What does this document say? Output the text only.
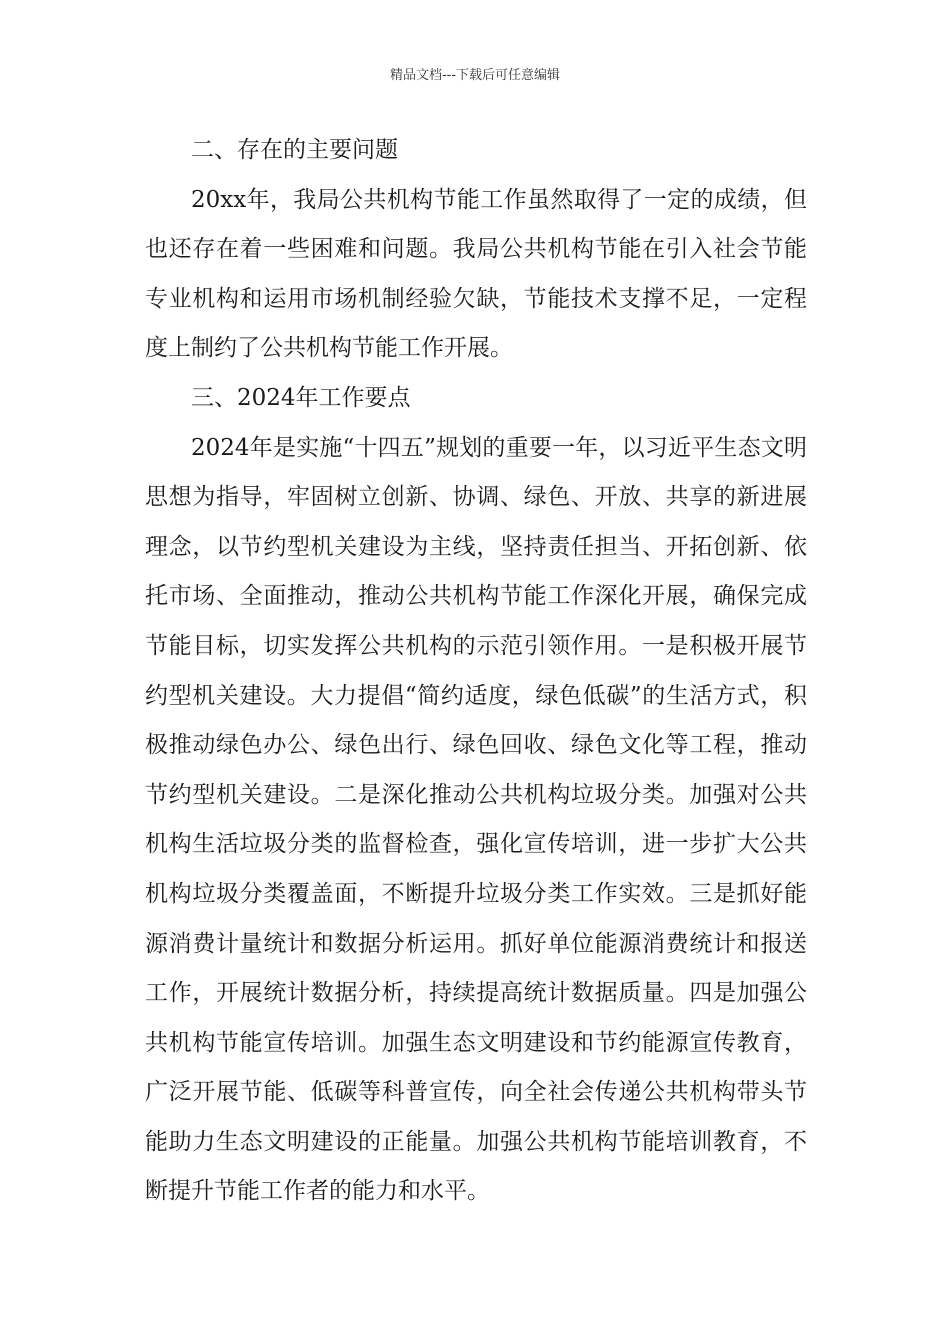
精品文档---下载后可任意编辑
二、存在的主要问题

20xx年，我局公共机构节能工作虽然取得了一定的成绩，但也还存在着一些困难和问题。我局公共机构节能在引入社会节能专业机构和运用市场机制经验欠缺，节能技术支撑不足，一定程度上制约了公共机构节能工作开展。

三、2024年工作要点

2024年是实施“十四五”规划的重要一年，以习近平生态文明思想为指导，牢固树立创新、协调、绿色、开放、共享的新进展理念，以节约型机关建设为主线，坚持责任担当、开拓创新、依托市场、全面推动，推动公共机构节能工作深化开展，确保完成节能目标，切实发挥公共机构的示范引领作用。一是积极开展节约型机关建设。大力提倡“简约适度，绿色低碳”的生活方式，积极推动绿色办公、绿色出行、绿色回收、绿色文化等工程，推动节约型机关建设。二是深化推动公共机构垃圾分类。加强对公共机构生活垃圾分类的监督检查，强化宣传培训，进一步扩大公共机构垃圾分类覆盖面，不断提升垃圾分类工作实效。三是抓好能源消费计量统计和数据分析运用。抓好单位能源消费统计和报送工作，开展统计数据分析，持续提高统计数据质量。四是加强公共机构节能宣传培训。加强生态文明建设和节约能源宣传教育，广泛开展节能、低碳等科普宣传，向全社会传递公共机构带头节能助力生态文明建设的正能量。加强公共机构节能培训教育，不断提升节能工作者的能力和水平。
